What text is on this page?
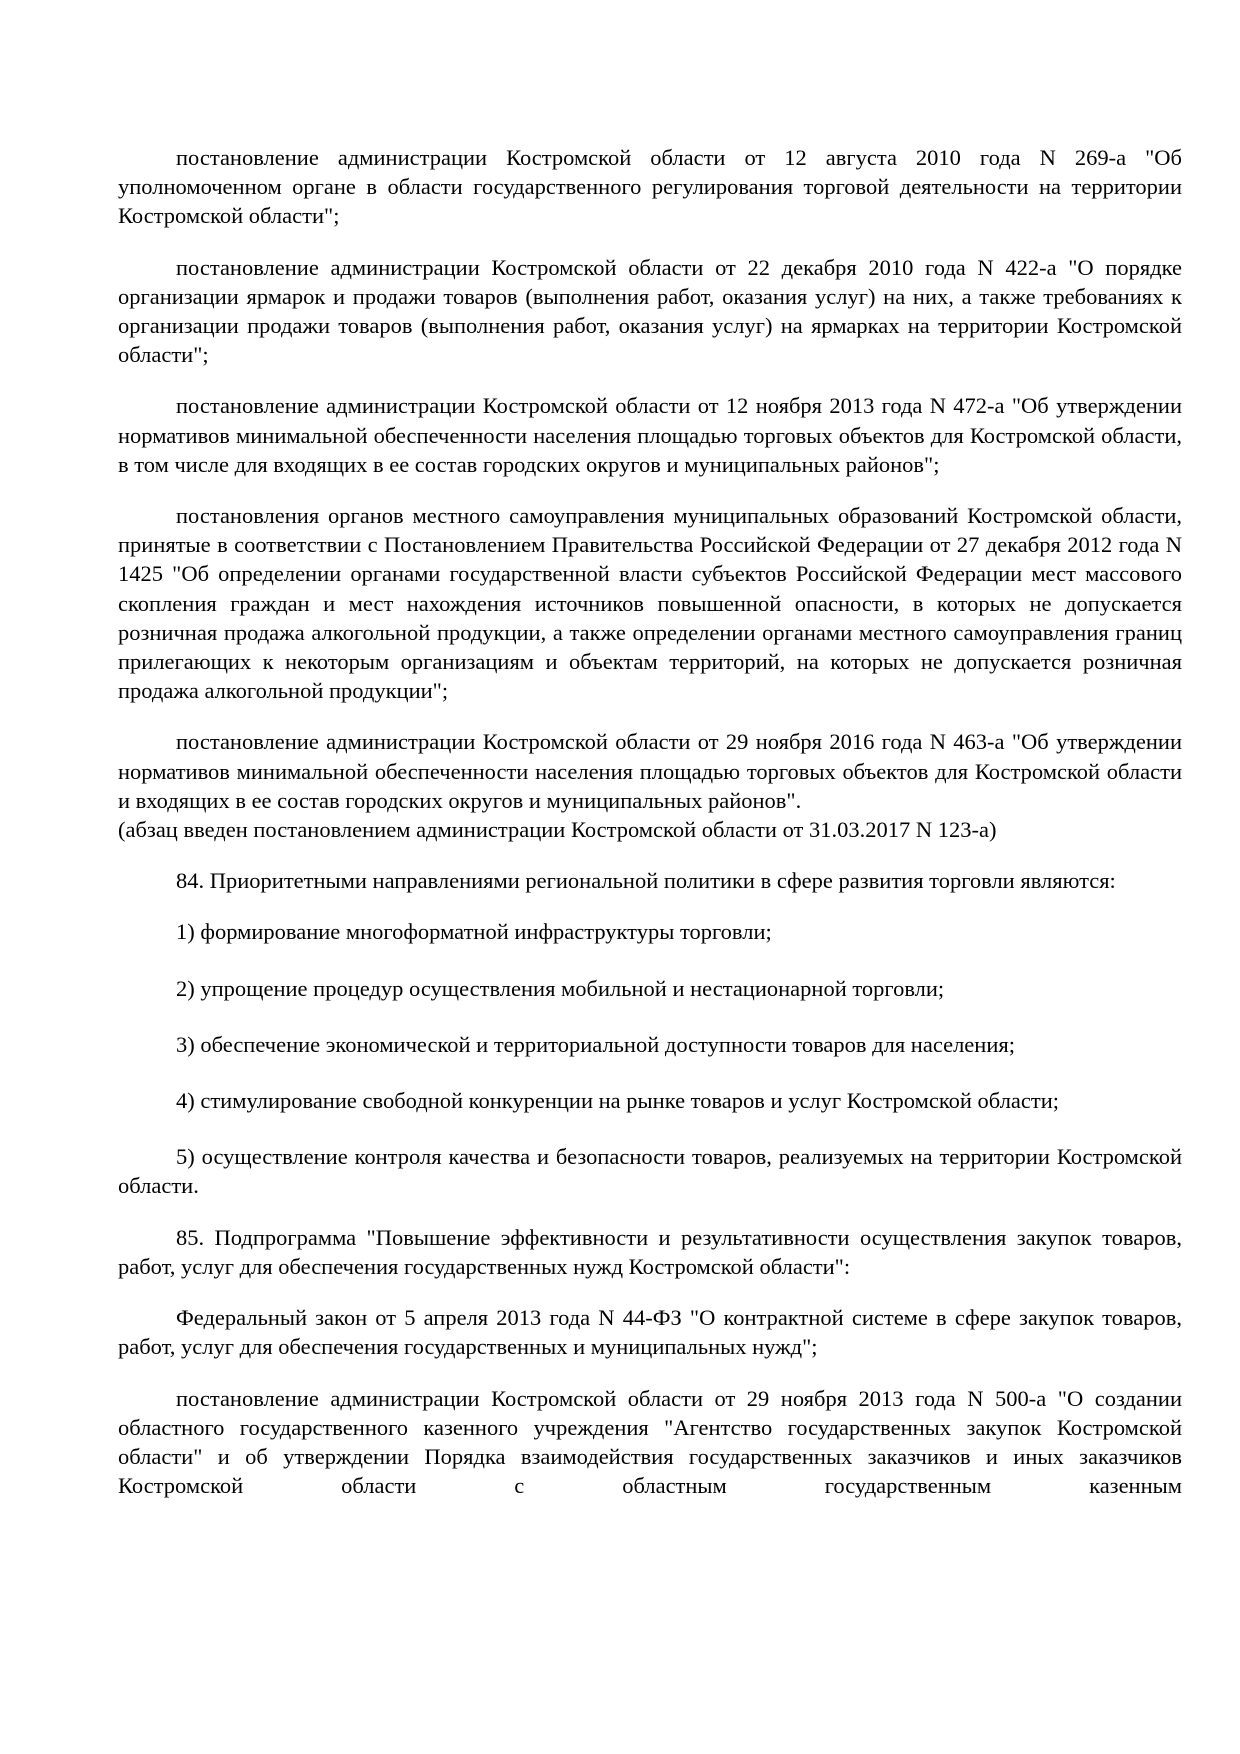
постановление администрации Костромской области от 12 августа 2010 года N 269-а "Об уполномоченном органе в области государственного регулирования торговой деятельности на территории Костромской области";

постановление администрации Костромской области от 22 декабря 2010 года N 422-а "О порядке организации ярмарок и продажи товаров (выполнения работ, оказания услуг) на них, а также требованиях к организации продажи товаров (выполнения работ, оказания услуг) на ярмарках на территории Костромской области";

постановление администрации Костромской области от 12 ноября 2013 года N 472-а "Об утверждении нормативов минимальной обеспеченности населения площадью торговых объектов для Костромской области, в том числе для входящих в ее состав городских округов и муниципальных районов";

постановления органов местного самоуправления муниципальных образований Костромской области, принятые в соответствии с Постановлением Правительства Российской Федерации от 27 декабря 2012 года N 1425 "Об определении органами государственной власти субъектов Российской Федерации мест массового скопления граждан и мест нахождения источников повышенной опасности, в которых не допускается розничная продажа алкогольной продукции, а также определении органами местного самоуправления границ прилегающих к некоторым организациям и объектам территорий, на которых не допускается розничная продажа алкогольной продукции";

постановление администрации Костромской области от 29 ноября 2016 года N 463-а "Об утверждении нормативов минимальной обеспеченности населения площадью торговых объектов для Костромской области и входящих в ее состав городских округов и муниципальных районов".
(абзац введен постановлением администрации Костромской области от 31.03.2017 N 123-а)

84. Приоритетными направлениями региональной политики в сфере развития торговли являются:

1) формирование многоформатной инфраструктуры торговли;

2) упрощение процедур осуществления мобильной и нестационарной торговли;

3) обеспечение экономической и территориальной доступности товаров для населения;

4) стимулирование свободной конкуренции на рынке товаров и услуг Костромской области;

5) осуществление контроля качества и безопасности товаров, реализуемых на территории Костромской области.

85. Подпрограмма "Повышение эффективности и результативности осуществления закупок товаров, работ, услуг для обеспечения государственных нужд Костромской области":

Федеральный закон от 5 апреля 2013 года N 44-ФЗ "О контрактной системе в сфере закупок товаров, работ, услуг для обеспечения государственных и муниципальных нужд";

постановление администрации Костромской области от 29 ноября 2013 года N 500-а "О создании областного государственного казенного учреждения "Агентство государственных закупок Костромской области" и об утверждении Порядка взаимодействия государственных заказчиков и иных заказчиков Костромской области с областным государственным казенным
